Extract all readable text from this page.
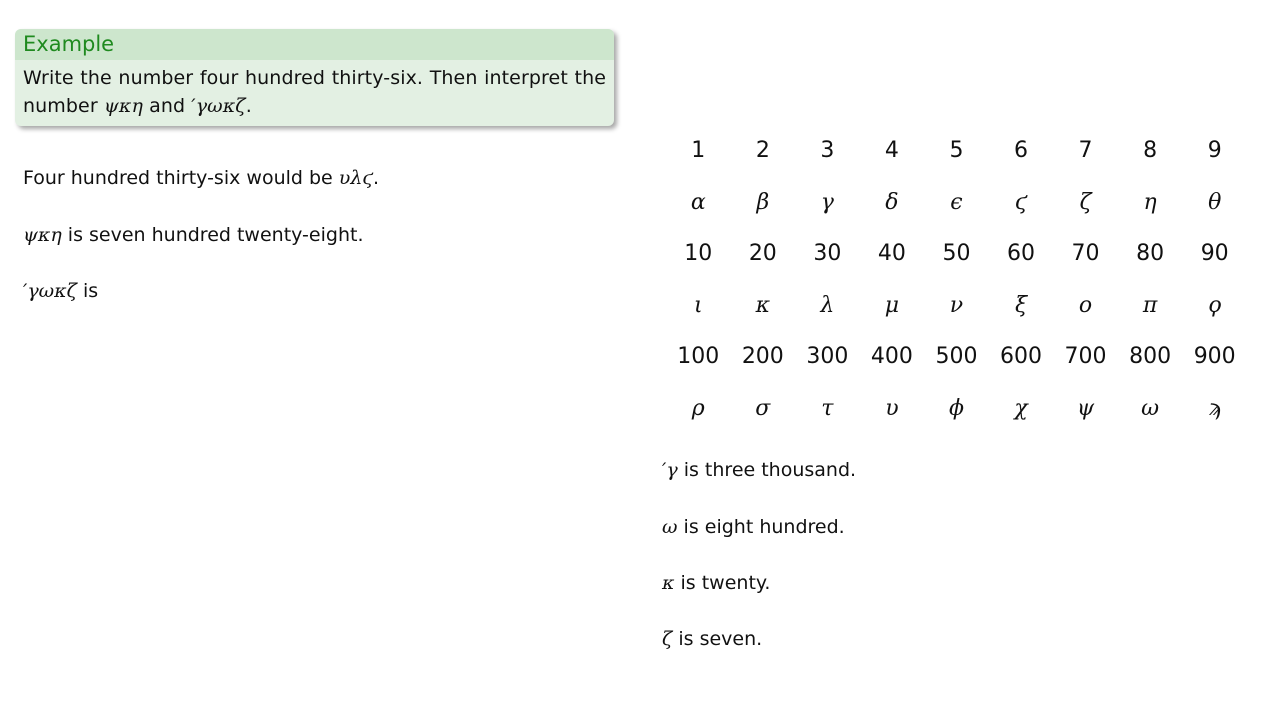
Example
Write the number four hundred thirty-six. Then interpret the number ψκη and ′γωκζ.
Four hundred thirty-six would be υλϛ.
ψκη is seven hundred twenty-eight.
′γωκζ is
1	2	3	4	5	6	7	8	9
α	β	γ	δ	ϵ	ϛ	ζ	η	θ
10	20	30	40	50	60	70	80	90
ι	κ	λ	μ	ν	ξ	ο	π	ϙ
100	200	300	400	500	600	700	800	900
ρ	σ	τ	υ	ϕ	χ	ψ	ω	ϡ
′γ is three thousand.
ω is eight hundred.
κ is twenty.
ζ is seven.
